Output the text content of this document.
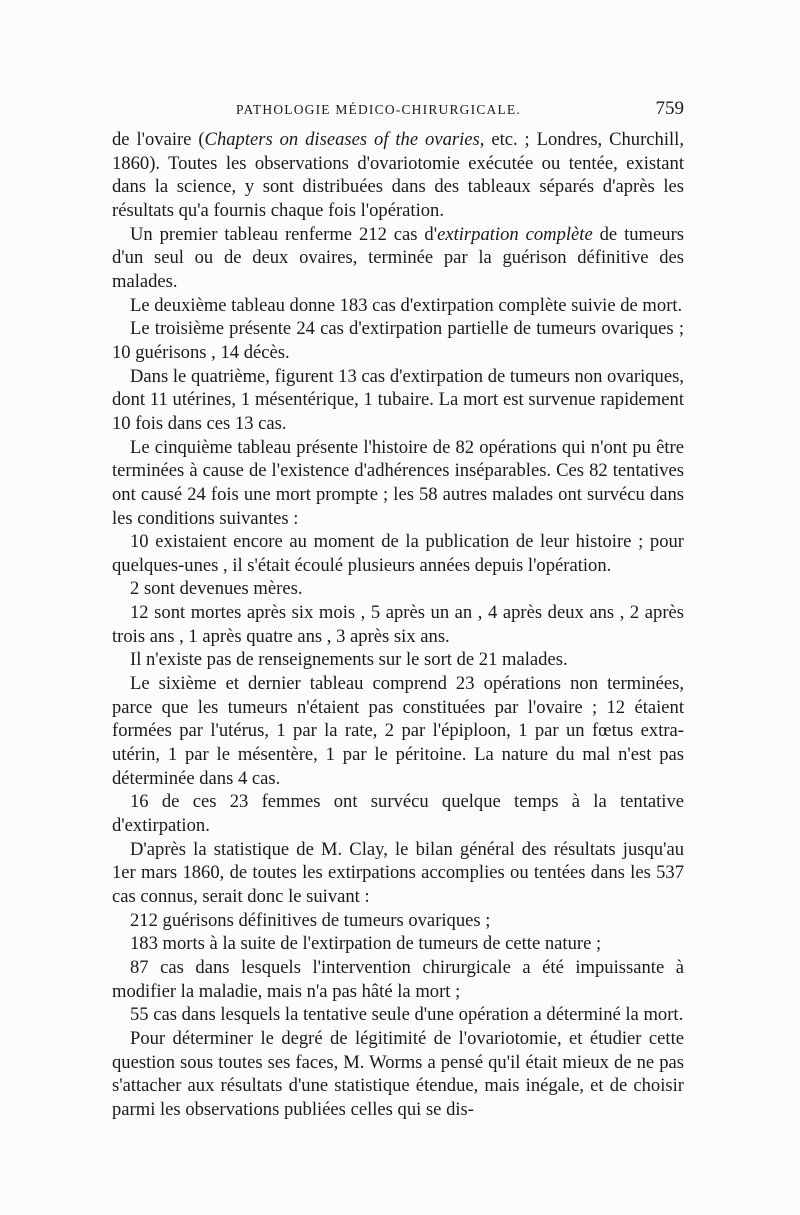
PATHOLOGIE MÉDICO-CHIRURGICALE.	759

de l'ovaire (Chapters on diseases of the ovaries, etc. ; Londres, Churchill, 1860). Toutes les observations d'ovariotomie exécutée ou tentée, existant dans la science, y sont distribuées dans des tableaux séparés d'après les résultats qu'a fournis chaque fois l'opération.

Un premier tableau renferme 212 cas d'extirpation complète de tumeurs d'un seul ou de deux ovaires, terminée par la guérison définitive des malades.

Le deuxième tableau donne 183 cas d'extirpation complète suivie de mort.

Le troisième présente 24 cas d'extirpation partielle de tumeurs ovariques ; 10 guérisons , 14 décès.

Dans le quatrième, figurent 13 cas d'extirpation de tumeurs non ovariques, dont 11 utérines, 1 mésentérique, 1 tubaire. La mort est survenue rapidement 10 fois dans ces 13 cas.

Le cinquième tableau présente l'histoire de 82 opérations qui n'ont pu être terminées à cause de l'existence d'adhérences inséparables. Ces 82 tentatives ont causé 24 fois une mort prompte ; les 58 autres malades ont survécu dans les conditions suivantes :

10 existaient encore au moment de la publication de leur histoire ; pour quelques-unes , il s'était écoulé plusieurs années depuis l'opération.

2 sont devenues mères.

12 sont mortes après six mois , 5 après un an , 4 après deux ans , 2 après trois ans , 1 après quatre ans , 3 après six ans.

Il n'existe pas de renseignements sur le sort de 21 malades.

Le sixième et dernier tableau comprend 23 opérations non terminées, parce que les tumeurs n'étaient pas constituées par l'ovaire ; 12 étaient formées par l'utérus, 1 par la rate, 2 par l'épiploon, 1 par un fœtus extra-utérin, 1 par le mésentère, 1 par le péritoine. La nature du mal n'est pas déterminée dans 4 cas.

16 de ces 23 femmes ont survécu quelque temps à la tentative d'extirpation.

D'après la statistique de M. Clay, le bilan général des résultats jusqu'au 1er mars 1860, de toutes les extirpations accomplies ou tentées dans les 537 cas connus, serait donc le suivant :

212 guérisons définitives de tumeurs ovariques ;

183 morts à la suite de l'extirpation de tumeurs de cette nature ;

87 cas dans lesquels l'intervention chirurgicale a été impuissante à modifier la maladie, mais n'a pas hâté la mort ;

55 cas dans lesquels la tentative seule d'une opération a déterminé la mort.

Pour déterminer le degré de légitimité de l'ovariotomie, et étudier cette question sous toutes ses faces, M. Worms a pensé qu'il était mieux de ne pas s'attacher aux résultats d'une statistique étendue, mais inégale, et de choisir parmi les observations publiées celles qui se dis-
